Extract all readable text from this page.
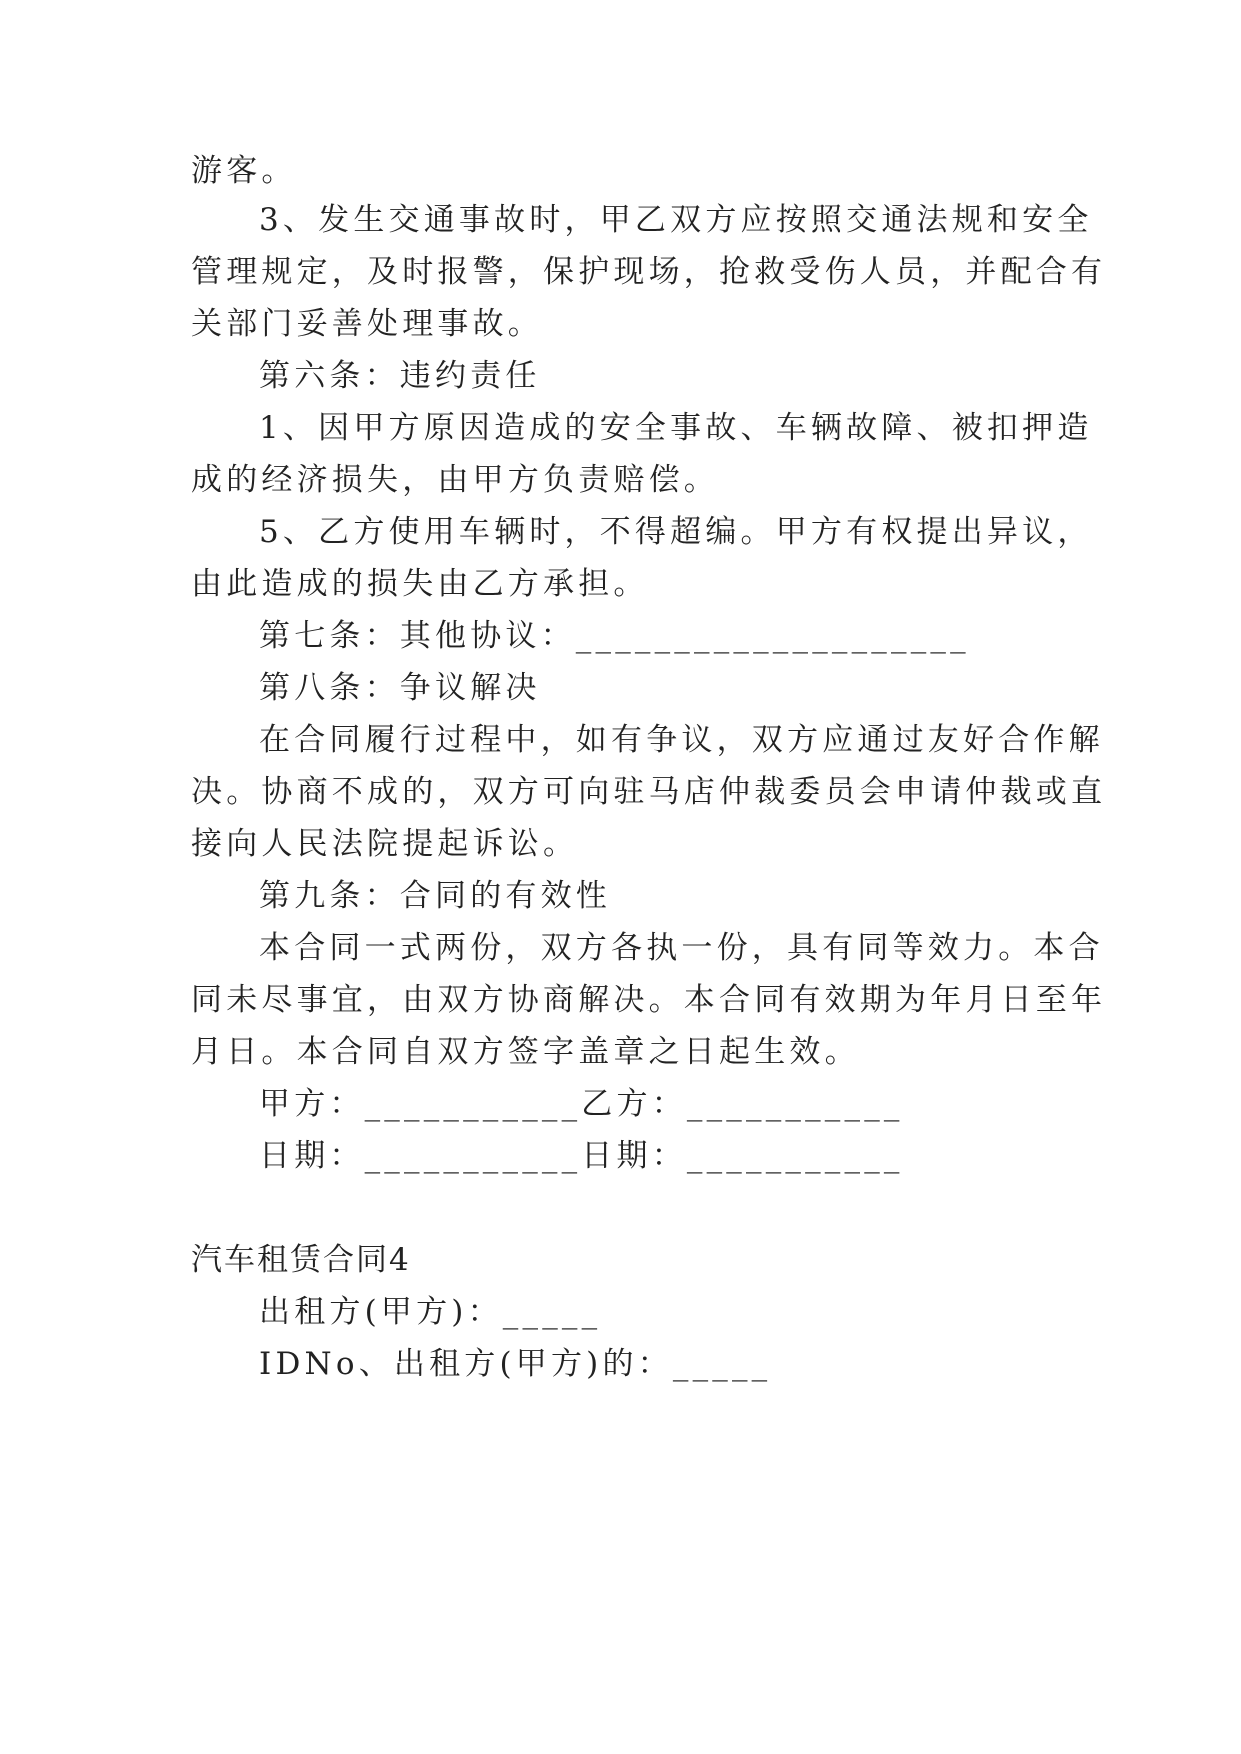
游客。
3、发生交通事故时，甲乙双方应按照交通法规和安全
管理规定，及时报警，保护现场，抢救受伤人员，并配合有
关部门妥善处理事故。
第六条：违约责任
1、因甲方原因造成的安全事故、车辆故障、被扣押造
成的经济损失，由甲方负责赔偿。
5、乙方使用车辆时，不得超编。甲方有权提出异议，
由此造成的损失由乙方承担。
第七条：其他协议：____________________
第八条：争议解决
在合同履行过程中，如有争议，双方应通过友好合作解
决。协商不成的，双方可向驻马店仲裁委员会申请仲裁或直
接向人民法院提起诉讼。
第九条：合同的有效性
本合同一式两份，双方各执一份，具有同等效力。本合
同未尽事宜，由双方协商解决。本合同有效期为年月日至年
月日。本合同自双方签字盖章之日起生效。
甲方：___________乙方：___________
日期：___________日期：___________
汽车租赁合同4
出租方(甲方)：_____
IDNo、出租方(甲方)的：_____
